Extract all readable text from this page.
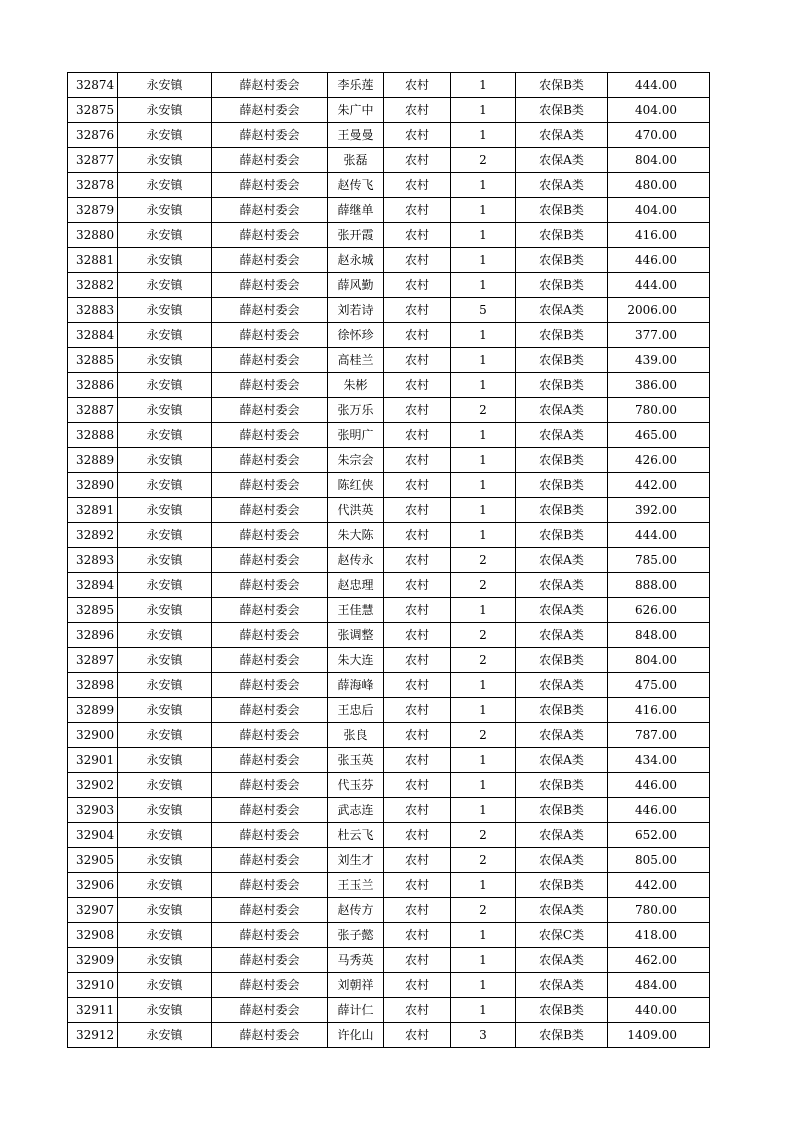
32874	永安镇	薛赵村委会	李乐莲	农村	1	农保B类	444.00
32875	永安镇	薛赵村委会	朱广中	农村	1	农保B类	404.00
32876	永安镇	薛赵村委会	王曼曼	农村	1	农保A类	470.00
32877	永安镇	薛赵村委会	张磊	农村	2	农保A类	804.00
32878	永安镇	薛赵村委会	赵传飞	农村	1	农保A类	480.00
32879	永安镇	薛赵村委会	薛继单	农村	1	农保B类	404.00
32880	永安镇	薛赵村委会	张开霞	农村	1	农保B类	416.00
32881	永安镇	薛赵村委会	赵永城	农村	1	农保B类	446.00
32882	永安镇	薛赵村委会	薛风勤	农村	1	农保B类	444.00
32883	永安镇	薛赵村委会	刘若诗	农村	5	农保A类	2006.00
32884	永安镇	薛赵村委会	徐怀珍	农村	1	农保B类	377.00
32885	永安镇	薛赵村委会	高桂兰	农村	1	农保B类	439.00
32886	永安镇	薛赵村委会	朱彬	农村	1	农保B类	386.00
32887	永安镇	薛赵村委会	张万乐	农村	2	农保A类	780.00
32888	永安镇	薛赵村委会	张明广	农村	1	农保A类	465.00
32889	永安镇	薛赵村委会	朱宗会	农村	1	农保B类	426.00
32890	永安镇	薛赵村委会	陈红侠	农村	1	农保B类	442.00
32891	永安镇	薛赵村委会	代洪英	农村	1	农保B类	392.00
32892	永安镇	薛赵村委会	朱大陈	农村	1	农保B类	444.00
32893	永安镇	薛赵村委会	赵传永	农村	2	农保A类	785.00
32894	永安镇	薛赵村委会	赵忠理	农村	2	农保A类	888.00
32895	永安镇	薛赵村委会	王佳慧	农村	1	农保A类	626.00
32896	永安镇	薛赵村委会	张调整	农村	2	农保A类	848.00
32897	永安镇	薛赵村委会	朱大连	农村	2	农保B类	804.00
32898	永安镇	薛赵村委会	薛海峰	农村	1	农保A类	475.00
32899	永安镇	薛赵村委会	王忠后	农村	1	农保B类	416.00
32900	永安镇	薛赵村委会	张良	农村	2	农保A类	787.00
32901	永安镇	薛赵村委会	张玉英	农村	1	农保A类	434.00
32902	永安镇	薛赵村委会	代玉芬	农村	1	农保B类	446.00
32903	永安镇	薛赵村委会	武志连	农村	1	农保B类	446.00
32904	永安镇	薛赵村委会	杜云飞	农村	2	农保A类	652.00
32905	永安镇	薛赵村委会	刘生才	农村	2	农保A类	805.00
32906	永安镇	薛赵村委会	王玉兰	农村	1	农保B类	442.00
32907	永安镇	薛赵村委会	赵传方	农村	2	农保A类	780.00
32908	永安镇	薛赵村委会	张子懿	农村	1	农保C类	418.00
32909	永安镇	薛赵村委会	马秀英	农村	1	农保A类	462.00
32910	永安镇	薛赵村委会	刘朝祥	农村	1	农保A类	484.00
32911	永安镇	薛赵村委会	薛计仁	农村	1	农保B类	440.00
32912	永安镇	薛赵村委会	许化山	农村	3	农保B类	1409.00
